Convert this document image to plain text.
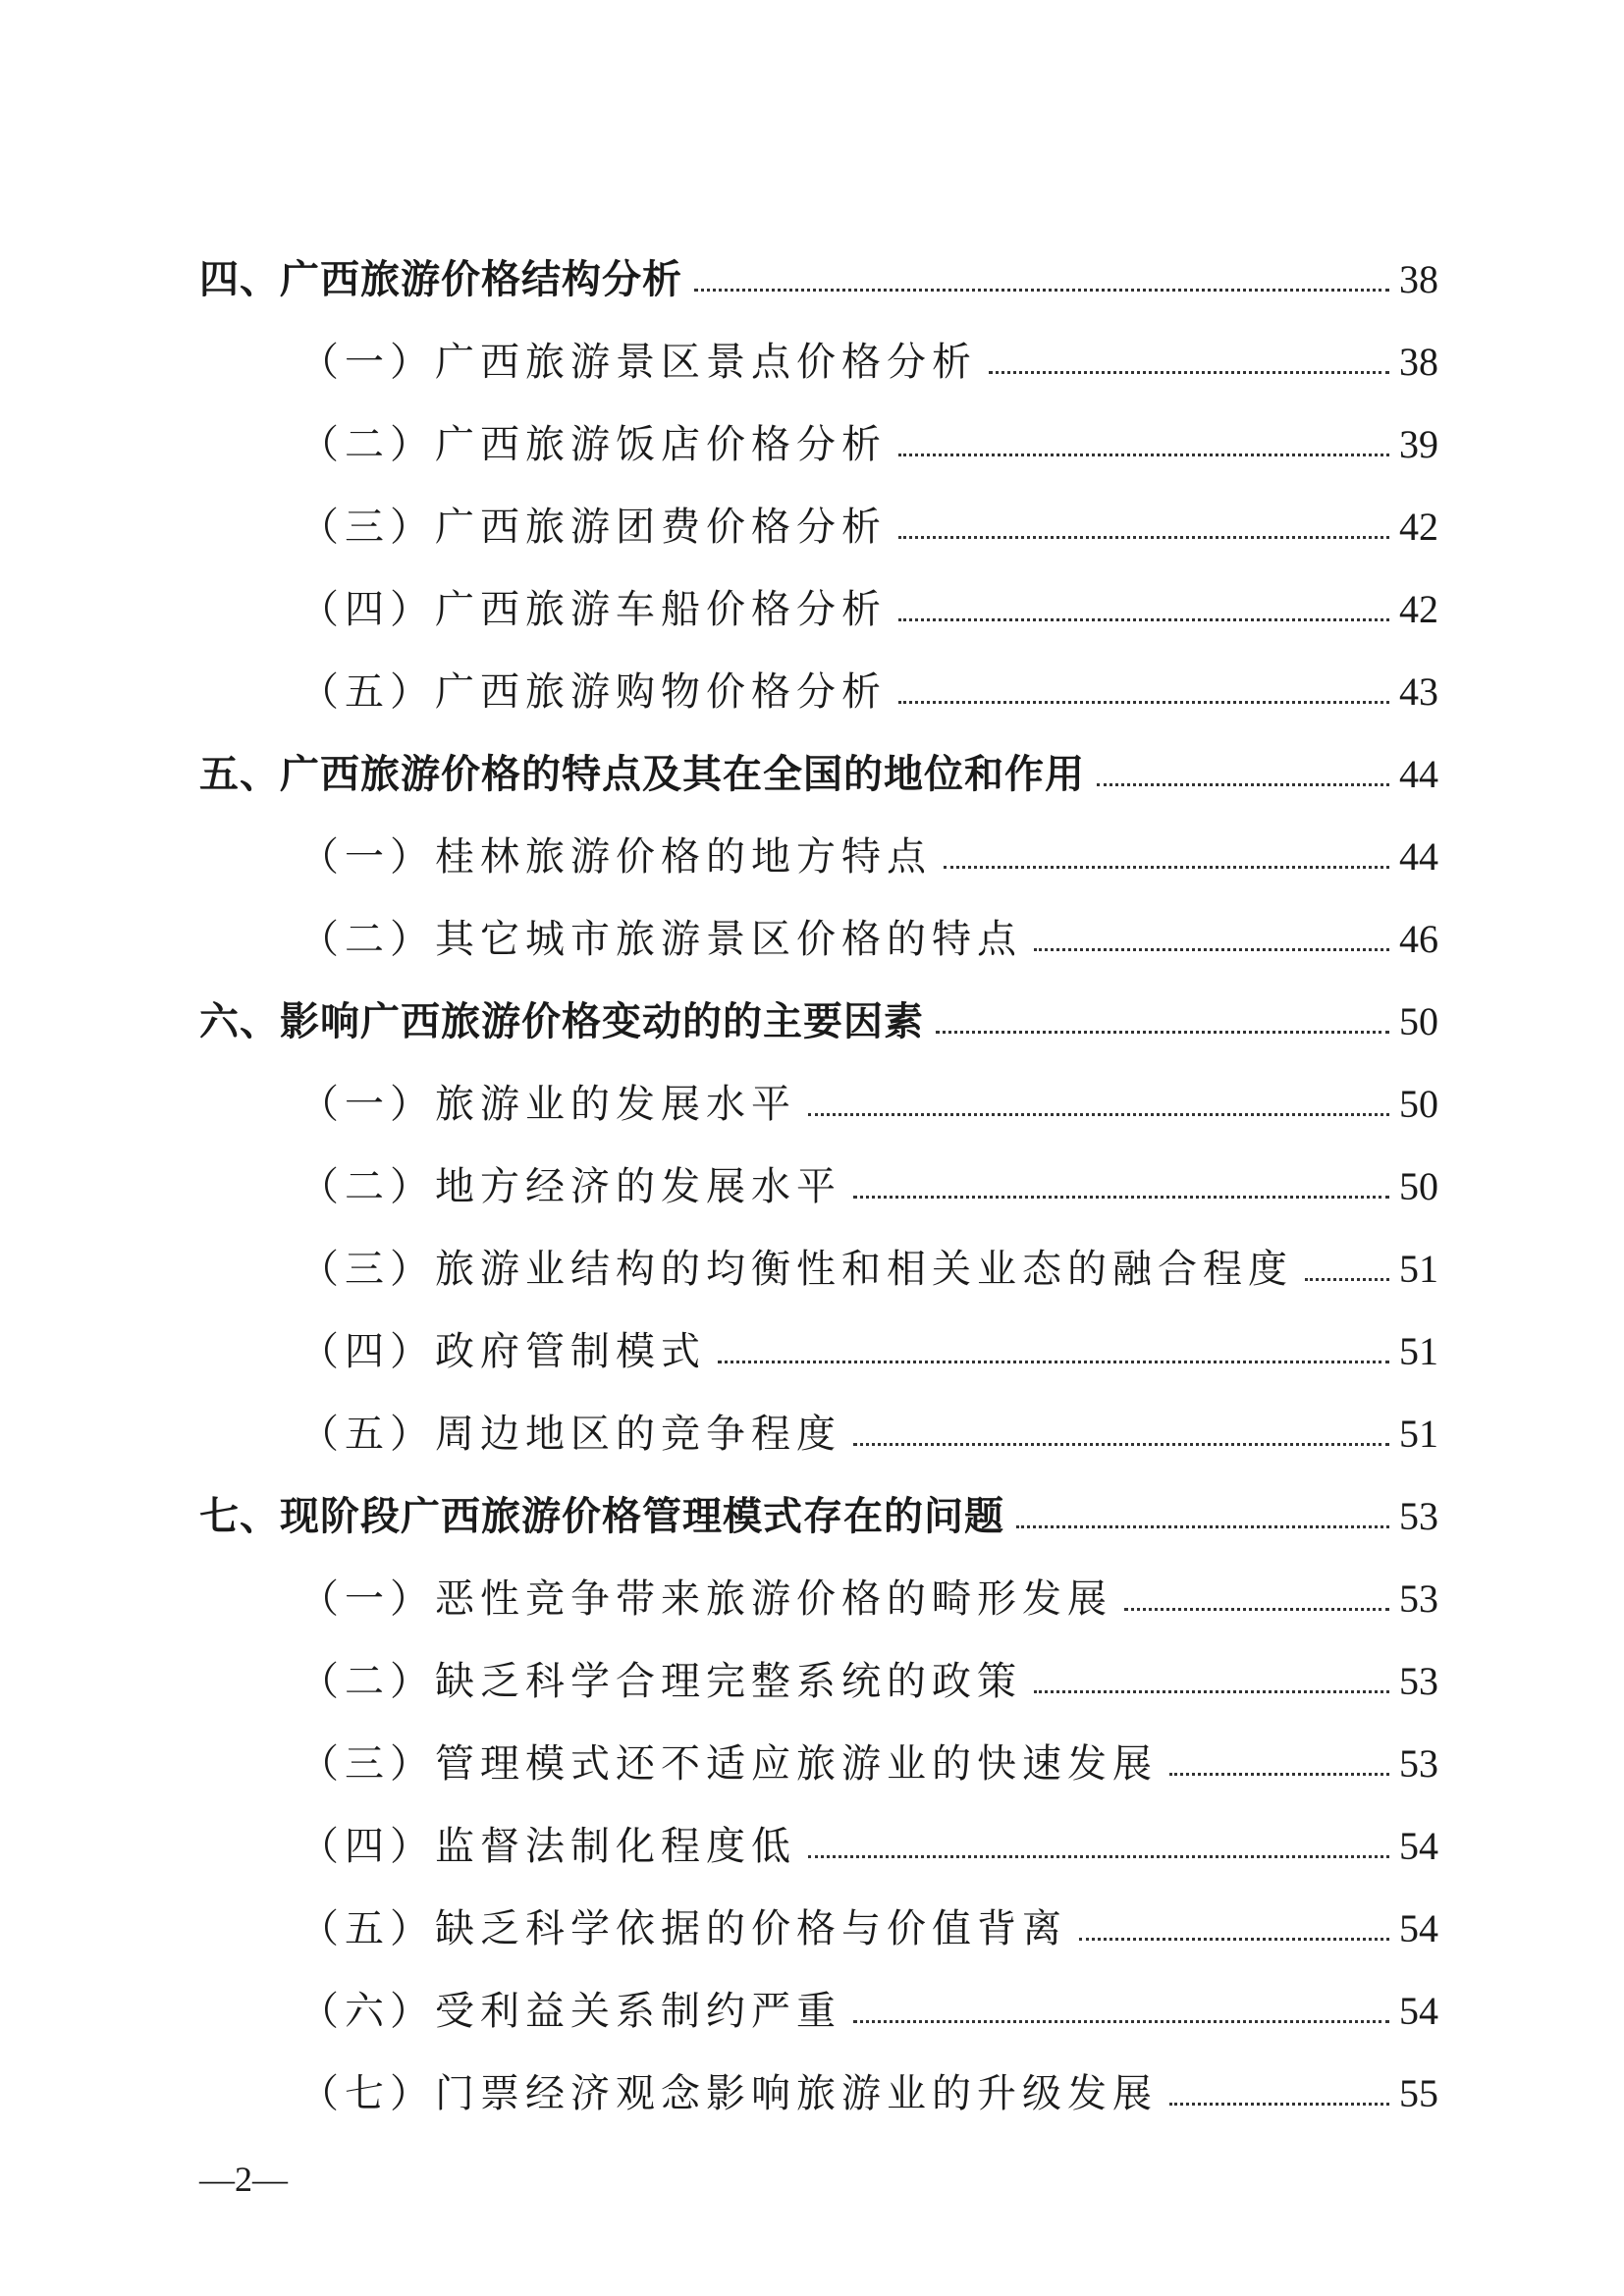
四、广西旅游价格结构分析	38
（一）广西旅游景区景点价格分析	38
（二）广西旅游饭店价格分析	39
（三）广西旅游团费价格分析	42
（四）广西旅游车船价格分析	42
（五）广西旅游购物价格分析	43
五、广西旅游价格的特点及其在全国的地位和作用	44
（一）桂林旅游价格的地方特点	44
（二）其它城市旅游景区价格的特点	46
六、影响广西旅游价格变动的的主要因素	50
（一）旅游业的发展水平	50
（二）地方经济的发展水平	50
（三）旅游业结构的均衡性和相关业态的融合程度	51
（四）政府管制模式	51
（五）周边地区的竞争程度	51
七、现阶段广西旅游价格管理模式存在的问题	53
（一）恶性竞争带来旅游价格的畸形发展	53
（二）缺乏科学合理完整系统的政策	53
（三）管理模式还不适应旅游业的快速发展	53
（四）监督法制化程度低	54
（五）缺乏科学依据的价格与价值背离	54
（六）受利益关系制约严重	54
（七）门票经济观念影响旅游业的升级发展	55
—2—
